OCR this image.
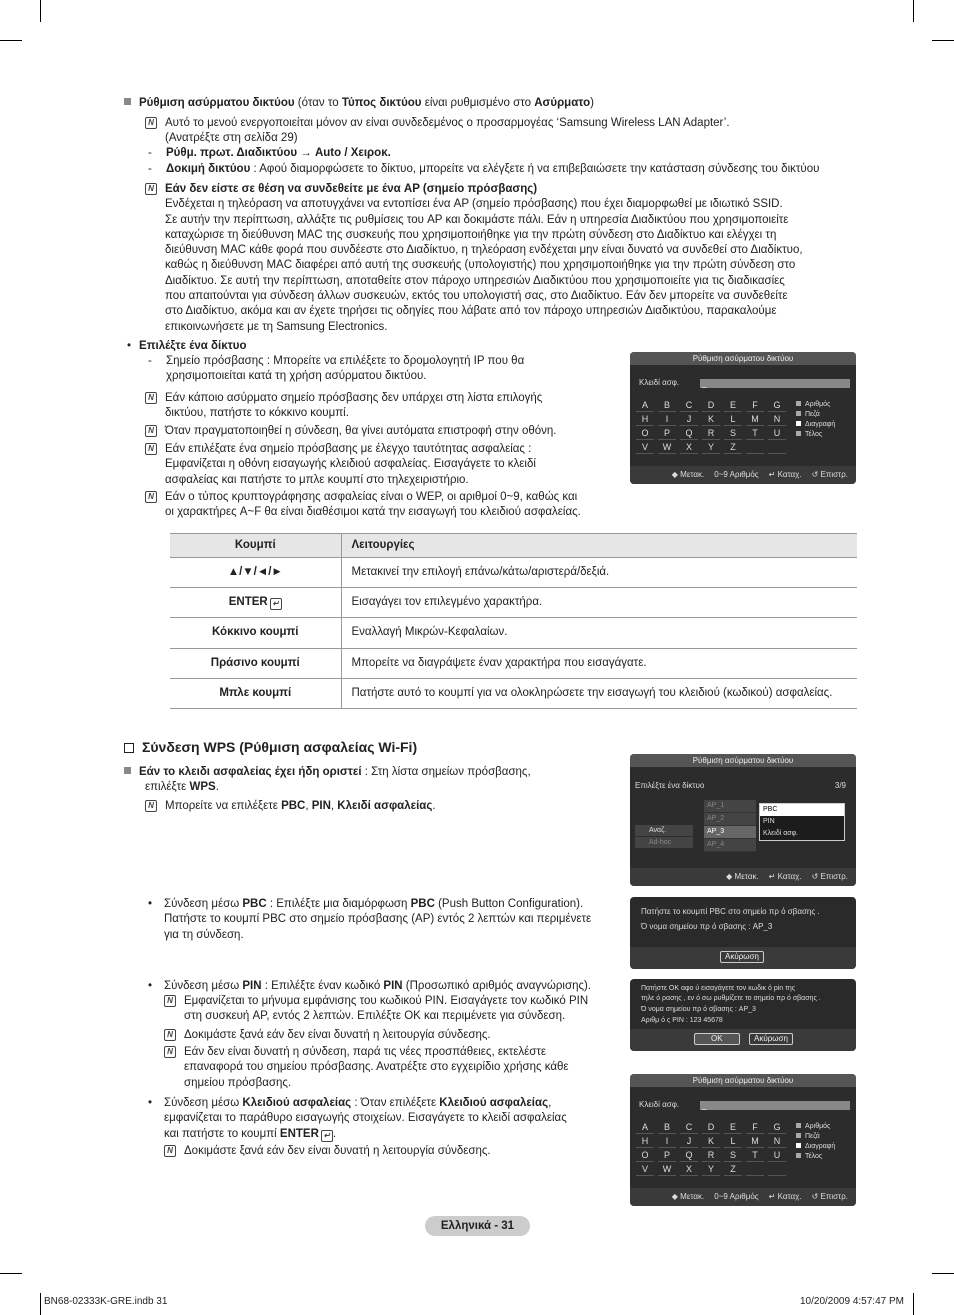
Ρύθμιση ασύρματου δικτύου (όταν το Τύπος δικτύου είναι ρυθμισμένο στο Ασύρματο)
N Αυτό το μενού ενεργοποιείται μόνον αν είναι συνδεδεμένος ο προσαρμογέας ‘Samsung Wireless LAN Adapter’.
(Ανατρέξτε στη σελίδα 29)
-	Ρύθμ. πρωτ. Διαδικτύου → Auto / Χειροκ.
-	Δοκιμή δικτύου : Αφού διαμορφώσετε το δίκτυο, μπορείτε να ελέγξετε ή να επιβεβαιώσετε την κατάσταση σύνδεσης του δικτύου
N Εάν δεν είστε σε θέση να συνδεθείτε με ένα AP (σημείο πρόσβασης)
Ενδέχεται η τηλεόραση να αποτυγχάνει να εντοπίσει ένα AP (σημείο πρόσβασης) που έχει διαμορφωθεί με ιδιωτικό SSID.
Σε αυτήν την περίπτωση, αλλάξτε τις ρυθμίσεις του AP και δοκιμάστε πάλι. Εάν η υπηρεσία Διαδικτύου που χρησιμοποιείτε
καταχώρισε τη διεύθυνση MAC της συσκευής που χρησιμοποιήθηκε για την πρώτη σύνδεση στο Διαδίκτυο και ελέγχει τη
διεύθυνση MAC κάθε φορά που συνδέεστε στο Διαδίκτυο, η τηλεόραση ενδέχεται μην είναι δυνατό να συνδεθεί στο Διαδίκτυο,
καθώς η διεύθυνση MAC διαφέρει από αυτή της συσκευής (υπολογιστής) που χρησιμοποιήθηκε για την πρώτη σύνδεση στο
Διαδίκτυο. Σε αυτή την περίπτωση, αποταθείτε στον πάροχο υπηρεσιών Διαδικτύου που χρησιμοποιείτε για τις διαδικασίες
που απαιτούνται για σύνδεση άλλων συσκευών, εκτός του υπολογιστή σας, στο Διαδίκτυο. Εάν δεν μπορείτε να συνδεθείτε
στο Διαδίκτυο, ακόμα και αν έχετε τηρήσει τις οδηγίες που λάβατε από τον πάροχο υπηρεσιών Διαδικτύου, παρακαλούμε
επικοινωνήσετε με τη Samsung Electronics.
• Επιλέξτε ένα δίκτυο
-	Σημείο πρόσβασης : Μπορείτε να επιλέξετε το δρομολογητή IP που θα
χρησιμοποιείται κατά τη χρήση ασύρματου δικτύου.
N Εάν κάποιο ασύρματο σημείο πρόσβασης δεν υπάρχει στη λίστα επιλογής
δικτύου, πατήστε το κόκκινο κουμπί.
N Όταν πραγματοποιηθεί η σύνδεση, θα γίνει αυτόματα επιστροφή στην οθόνη.
N Εάν επιλέξατε ένα σημείο πρόσβασης με έλεγχο ταυτότητας ασφαλείας :
Εμφανίζεται η οθόνη εισαγωγής κλειδιού ασφαλείας. Εισαγάγετε το κλειδί
ασφαλείας και πατήστε το μπλε κουμπί στο τηλεχειριστήριο.
N Εάν ο τύπος κρυπτογράφησης ασφαλείας είναι ο WEP, οι αριθμοί 0~9, καθώς και
οι χαρακτήρες A~F θα είναι διαθέσιμοι κατά την εισαγωγή του κλειδιού ασφαλείας.
Ρύθμιση ασύρματου δικτύου
Κλειδί ασφ.	_
A	B	C	D	E	F	G
H	I	J	K	L	M	N
O	P	Q	R	S	T	U
V	W	X	Y	Z
Αριθμός
Πεζά
Διαγραφή
Τέλος
◆ Μετακ. 0~9 Αριθμός ↵ Καταχ. ↺ Επιστρ.
Κουμπί	Λειτουργίες
▲/▼/◄/►	Μετακινεί την επιλογή επάνω/κάτω/αριστερά/δεξιά.
ENTER ↵	Εισαγάγει τον επιλεγμένο χαρακτήρα.
Κόκκινο κουμπί	Εναλλαγή Μικρών-Κεφαλαίων.
Πράσινο κουμπί	Μπορείτε να διαγράψετε έναν χαρακτήρα που εισαγάγατε.
Μπλε κουμπί	Πατήστε αυτό το κουμπί για να ολοκληρώσετε την εισαγωγή του κλειδιού (κωδικού) ασφαλείας.
Σύνδεση WPS (Ρύθμιση ασφαλείας Wi-Fi)
Εάν το κλειδι ασφαλείας έχει ήδη οριστεί : Στη λίστα σημείων πρόσβασης,
επιλέξτε WPS.
N Μπορείτε να επιλέξετε PBC, PIN, Κλειδί ασφαλείας.
Ρύθμιση ασύρματου δικτύου
Επιλέξτε ένα δίκτυο	3/9
AP_1
AP_2
AP_3
AP_4
Αναζ.
Ad-hoc
PBC
PIN
Κλειδί ασφ.
◆ Μετακ. ↵ Καταχ. ↺ Επιστρ.
• Σύνδεση μέσω PBC : Επιλέξτε μια διαμόρφωση PBC (Push Button Configuration).
Πατήστε το κουμπί PBC στο σημείο πρόσβασης (AP) εντός 2 λεπτών και περιμένετε
για τη σύνδεση.
Πατήστε το κουμπί PBC στο σημείο πρ ό σβασης .
Ό νομα σημείου πρ ό σβασης : AP_3
Ακύρωση
• Σύνδεση μέσω PIN : Επιλέξτε έναν κωδικό PIN (Προσωπικό αριθμός αναγνώρισης).
N Εμφανίζεται το μήνυμα εμφάνισης του κωδικού PIN. Εισαγάγετε τον κωδικό PIN
στη συσκευή AP, εντός 2 λεπτών. Επιλέξτε OK και περιμένετε για σύνδεση.
N Δοκιμάστε ξανά εάν δεν είναι δυνατή η λειτουργία σύνδεσης.
N Εάν δεν είναι δυνατή η σύνδεση, παρά τις νέες προσπάθειες, εκτελέστε
επαναφορά του σημείου πρόσβασης. Ανατρέξτε στο εγχειρίδιο χρήσης κάθε
σημείου πρόσβασης.
Πατήστε OK αφο ύ εισαγάγετε τον κωδικ ό pin της
τηλε ό ρασης , εν ό σω ρυθμίζετε το σημείο πρ ό σβασης .
Ό νομα σημείου πρ ό σβασης : AP_3
Αριθμ ό ς PIN : 123 45678
OK	Ακύρωση
• Σύνδεση μέσω Κλειδιού ασφαλείας : Όταν επιλέξετε Κλειδιού ασφαλείας,
εμφανίζεται το παράθυρο εισαγωγής στοιχείων. Εισαγάγετε το κλειδί ασφαλείας
και πατήστε το κουμπί ENTER ↵ .
N Δοκιμάστε ξανά εάν δεν είναι δυνατή η λειτουργία σύνδεσης.
Ρύθμιση ασύρματου δικτύου
Κλειδί ασφ.	_
A	B	C	D	E	F	G
H	I	J	K	L	M	N
O	P	Q	R	S	T	U
V	W	X	Y	Z
Αριθμός
Πεζά
Διαγραφή
Τέλος
◆ Μετακ. 0~9 Αριθμός ↵ Καταχ. ↺ Επιστρ.
Ελληνικά - 31
BN68-02333K-GRE.indb 31	10/20/2009 4:57:47 PM
